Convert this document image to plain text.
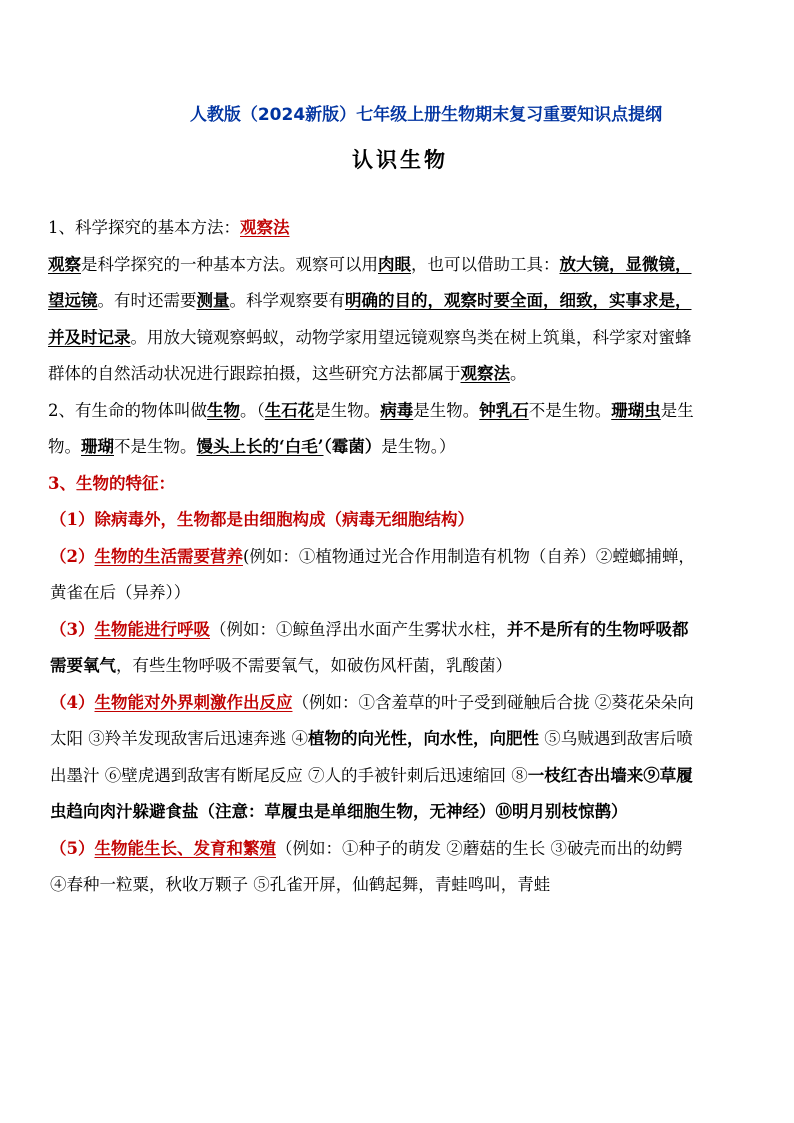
人教版（2024新版）七年级上册生物期末复习重要知识点提纲
认识生物

1、科学探究的基本方法：观察法

观察是科学探究的一种基本方法。观察可以用肉眼，也可以借助工具：放大镜，显微镜，望远镜。有时还需要测量。科学观察要有明确的目的，观察时要全面，细致，实事求是，并及时记录。用放大镜观察蚂蚁，动物学家用望远镜观察鸟类在树上筑巢，科学家对蜜蜂群体的自然活动状况进行跟踪拍摄，这些研究方法都属于观察法。

2、有生命的物体叫做生物。（生石花是生物。病毒是生物。钟乳石不是生物。珊瑚虫是生物。珊瑚不是生物。馒头上长的‘白毛’（霉菌）是生物。）

3、生物的特征：

（1）除病毒外，生物都是由细胞构成（病毒无细胞结构）

（2）生物的生活需要营养(例如：①植物通过光合作用制造有机物（自养）②螳螂捕蝉，黄雀在后（异养））

（3）生物能进行呼吸（例如：①鲸鱼浮出水面产生雾状水柱，并不是所有的生物呼吸都需要氧气，有些生物呼吸不需要氧气，如破伤风杆菌，乳酸菌）

（4）生物能对外界刺激作出反应（例如：①含羞草的叶子受到碰触后合拢 ②葵花朵朵向太阳 ③羚羊发现敌害后迅速奔逃 ④植物的向光性，向水性，向肥性 ⑤乌贼遇到敌害后喷出墨汁 ⑥壁虎遇到敌害有断尾反应 ⑦人的手被针刺后迅速缩回 ⑧一枝红杏出墙来⑨草履虫趋向肉汁躲避食盐（注意：草履虫是单细胞生物，无神经）⑩明月别枝惊鹊）

（5）生物能生长、发育和繁殖（例如：①种子的萌发 ②蘑菇的生长 ③破壳而出的幼鳄 ④春种一粒粟，秋收万颗子 ⑤孔雀开屏，仙鹤起舞，青蛙鸣叫，青蛙
